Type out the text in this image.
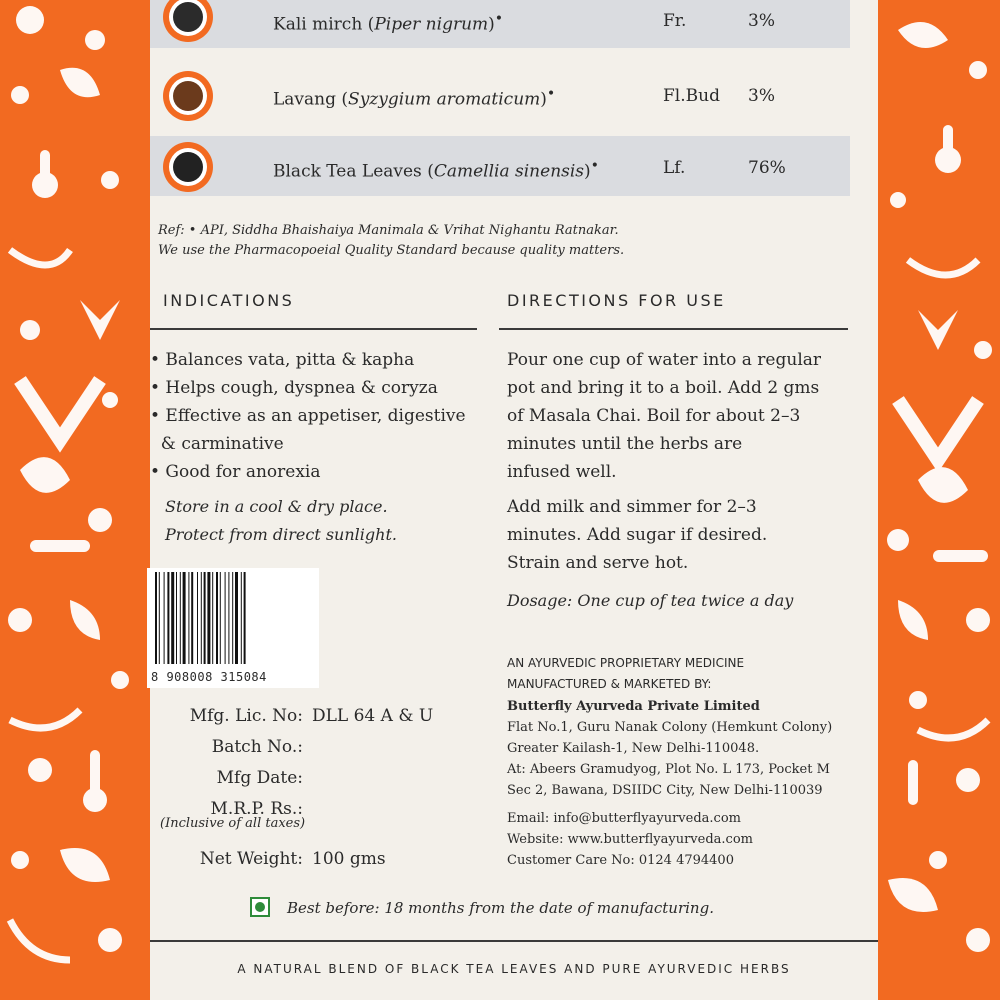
Kali mirch (Piper nigrum)•	Fr.	3%
Lavang (Syzygium aromaticum)•	Fl.Bud 3%
Black Tea Leaves (Camellia sinensis)•	Lf.	76%
Ref: • API, Siddha Bhaishaiya Manimala & Vrihat Nighantu Ratnakar.
We use the Pharmacopoeial Quality Standard because quality matters.
INDICATIONS
• Balances vata, pitta & kapha
• Helps cough, dyspnea & coryza
• Effective as an appetiser, digestive
& carminative
• Good for anorexia
Store in a cool & dry place.
Protect from direct sunlight.
DIRECTIONS FOR USE
Pour one cup of water into a regular
pot and bring it to a boil. Add 2 gms
of Masala Chai. Boil for about 2–3
minutes until the herbs are
infused well.
Add milk and simmer for 2–3
minutes. Add sugar if desired.
Strain and serve hot.
Dosage: One cup of tea twice a day
8 908008 315084
Mfg. Lic. No: DLL 64 A & U
Batch No.:
Mfg Date:
M.R.P. Rs.:
(Inclusive of all taxes)
Net Weight: 100 gms
AN AYURVEDIC PROPRIETARY MEDICINE
MANUFACTURED & MARKETED BY:
Butterfly Ayurveda Private Limited
Flat No.1, Guru Nanak Colony (Hemkunt Colony)
Greater Kailash-1, New Delhi-110048.
At: Abeers Gramudyog, Plot No. L 173, Pocket M
Sec 2, Bawana, DSIIDC City, New Delhi-110039
Email: info@butterflyayurveda.com
Website: www.butterflyayurveda.com
Customer Care No: 0124 4794400
Best before: 18 months from the date of manufacturing.
A NATURAL BLEND OF BLACK TEA LEAVES AND PURE AYURVEDIC HERBS
